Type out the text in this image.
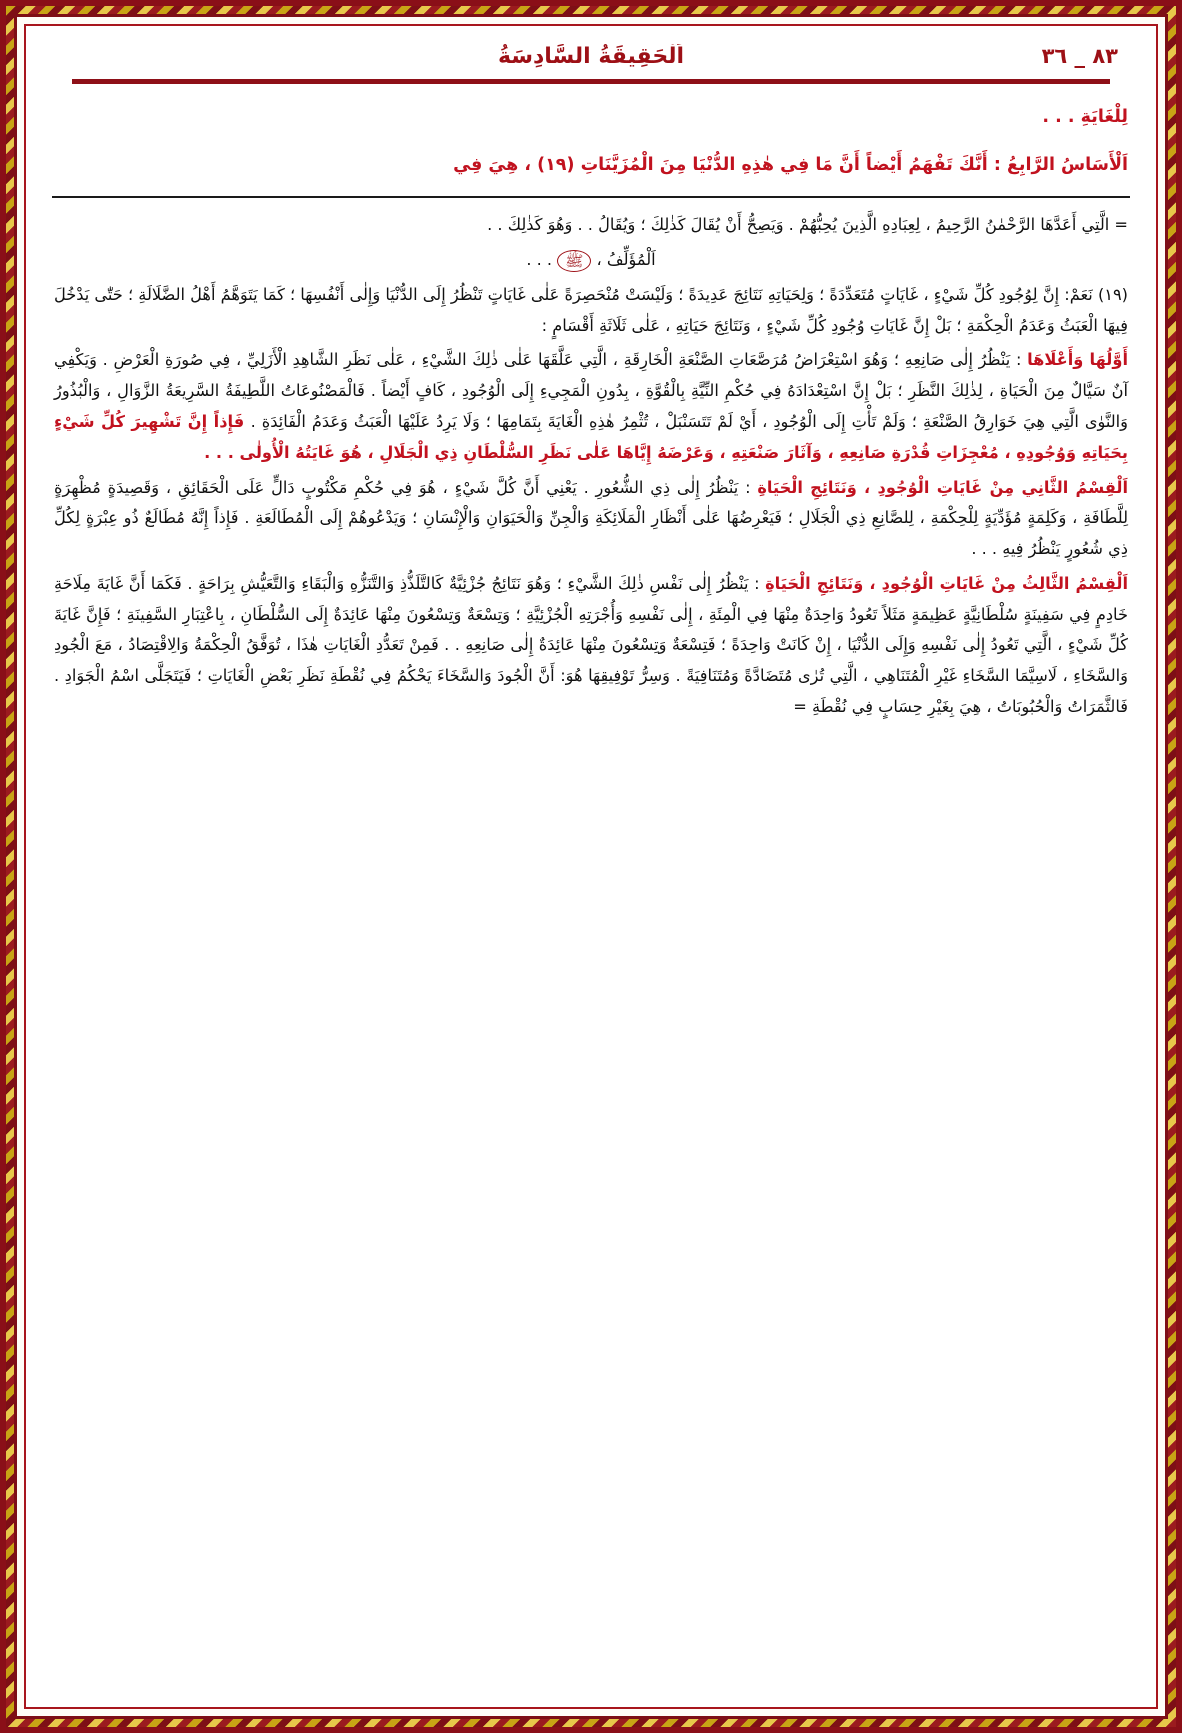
٨٣ _ ٣٦
اَلْحَقِيقَةُ السَّادِسَةُ

لِلْغَايَةِ . . .

اَلْأَسَاسُ الرَّابِعُ : أَنَّكَ تَفْهَمُ أَيْضاً أَنَّ مَا فِي هٰذِهِ الدُّنْيَا مِنَ الْمُزَيَّنَاتِ (١٩) ، هِيَ فِي

= الَّتِي أَعَدَّهَا الرَّحْمٰنُ الرَّحِيمُ ، لِعِبَادِهِ الَّذِينَ يُحِبُّهُمْ . وَيَصِحُّ أَنْ يُقَالَ كَذٰلِكَ ؛ وَيُقَالُ . . وَهُوَ كَذٰلِكَ . .

اَلْمُؤَلِّفُ ، ﷺ . . .

(١٩) نَعَمْ: إِنَّ لِوُجُودِ كُلِّ شَيْءٍ ، غَايَاتٍ مُتَعَدِّدَةً ؛ وَلِحَيَاتِهِ نَتَائِجَ عَدِيدَةً ؛ وَلَيْسَتْ مُنْحَصِرَةً عَلٰى غَايَاتٍ تَنْظُرُ إِلَى الدُّنْيَا وَإِلٰى أَنْفُسِهَا ؛ كَمَا يَتَوَهَّمُ أَهْلُ الضَّلَالَةِ ؛ حَتّٰى يَدْخُلَ فِيهَا الْعَبَثُ وَعَدَمُ الْحِكْمَةِ ؛ بَلْ إِنَّ غَايَاتِ وُجُودِ كُلِّ شَيْءٍ ، وَنَتَائِجَ حَيَاتِهِ ، عَلٰى ثَلَاثَةِ أَقْسَامٍ :

أَوَّلُهَا وَأَعْلَاهَا : يَنْظُرُ إِلٰى صَانِعِهِ ؛ وَهُوَ اسْتِعْرَاضُ مُرَصَّعَاتِ الصَّنْعَةِ الْخَارِقَةِ ، الَّتِي عَلَّقَهَا عَلٰى ذٰلِكَ الشَّيْءِ ، عَلٰى نَظَرِ الشَّاهِدِ الْأَزَلِيِّ ، فِي صُورَةِ الْعَرْضِ . وَيَكْفِي آنٌ سَيَّالٌ مِنَ الْحَيَاةِ ، لِذٰلِكَ النَّظَرِ ؛ بَلْ إِنَّ اسْتِعْدَادَهُ فِي حُكْمِ النِّيَّةِ بِالْقُوَّةِ ، بِدُونِ الْمَجِيءِ إِلَى الْوُجُودِ ، كَافٍ أَيْضاً . فَالْمَصْنُوعَاتُ اللَّطِيفَةُ السَّرِيعَةُ الزَّوَالِ ، وَالْبُذُورُ وَالنَّوٰى الَّتِي هِيَ خَوَارِقُ الصَّنْعَةِ ؛ وَلَمْ تَأْتِ إِلَى الْوُجُودِ ، أَيْ لَمْ تَتَسَنْبَلْ ، تُثْمِرُ هٰذِهِ الْغَايَةَ بِتَمَامِهَا ؛ وَلَا يَرِدُ عَلَيْهَا الْعَبَثُ وَعَدَمُ الْفَائِدَةِ . فَإِذاً إِنَّ تَشْهِيرَ كُلِّ شَيْءٍ بِحَيَاتِهِ وَوُجُودِهِ ، مُعْجِزَاتِ قُدْرَةِ صَانِعِهِ ، وَآثَارَ صَنْعَتِهِ ، وَعَرْضَهُ إِيَّاهَا عَلٰى نَظَرِ السُّلْطَانِ ذِي الْجَلَالِ ، هُوَ غَايَتُهُ الْأُولٰى . . .

اَلْقِسْمُ الثَّانِي مِنْ غَايَاتِ الْوُجُودِ ، وَنَتَائِجِ الْحَيَاةِ : يَنْظُرُ إِلٰى ذِي الشُّعُورِ . يَعْنِي أَنَّ كُلَّ شَيْءٍ ، هُوَ فِي حُكْمِ مَكْتُوبٍ دَالٍّ عَلَى الْحَقَائِقِ ، وَقَصِيدَةٍ مُظْهِرَةٍ لِلَّطَافَةِ ، وَكَلِمَةٍ مُؤَدِّيَةٍ لِلْحِكْمَةِ ، لِلصَّانِعِ ذِي الْجَلَالِ ؛ فَيَعْرِضُهَا عَلٰى أَنْظَارِ الْمَلَائِكَةِ وَالْجِنِّ وَالْحَيَوَانِ وَالْإِنْسَانِ ؛ وَيَدْعُوهُمْ إِلَى الْمُطَالَعَةِ . فَإِذاً إِنَّهُ مُطَالَعٌ ذُو عِبْرَةٍ لِكُلِّ ذِي شُعُورٍ يَنْظُرُ فِيهِ . . .

اَلْقِسْمُ الثَّالِثُ مِنْ غَايَاتِ الْوُجُودِ ، وَنَتَائِجِ الْحَيَاةِ : يَنْظُرُ إِلٰى نَفْسِ ذٰلِكَ الشَّيْءِ ؛ وَهُوَ نَتَائِجُ جُزْئِيَّةٌ كَالتَّلَذُّذِ وَالتَّنَزُّهِ وَالْبَقَاءِ وَالتَّعَيُّشِ بِرَاحَةٍ . فَكَمَا أَنَّ غَايَةَ مِلَاحَةِ خَادِمٍ فِي سَفِينَةٍ سُلْطَانِيَّةٍ عَظِيمَةٍ مَثَلاً تَعُودُ وَاحِدَةٌ مِنْهَا فِي الْمِئَةِ ، إِلٰى نَفْسِهِ وَأُجْرَتِهِ الْجُزْئِيَّةِ ؛ وَتِسْعَةٌ وَتِسْعُونَ مِنْهَا عَائِدَةٌ إِلَى السُّلْطَانِ ، بِاعْتِبَارِ السَّفِينَةِ ؛ فَإِنَّ غَايَةَ كُلِّ شَيْءٍ ، الَّتِي تَعُودُ إِلٰى نَفْسِهِ وَإِلَى الدُّنْيَا ، إِنْ كَانَتْ وَاحِدَةً ؛ فَتِسْعَةٌ وَتِسْعُونَ مِنْهَا عَائِدَةٌ إِلٰى صَانِعِهِ . . فَمِنْ تَعَدُّدِ الْغَايَاتِ هٰذَا ، تُوَفَّقُ الْحِكْمَةُ وَالِاقْتِصَادُ ، مَعَ الْجُودِ وَالسَّخَاءِ ، لَاسِيَّمَا السَّخَاءِ غَيْرِ الْمُتَنَاهِي ، الَّتِي تُرٰى مُتَضَادَّةً وَمُتَنَافِيَةً . وَسِرُّ تَوْفِيقِهَا هُوَ: أَنَّ الْجُودَ وَالسَّخَاءَ يَحْكُمُ فِي نُقْطَةِ نَظَرِ بَعْضِ الْغَايَاتِ ؛ فَيَتَجَلَّى اسْمُ الْجَوَادِ . فَالثَّمَرَاتُ وَالْحُبُوبَاتُ ، هِيَ بِغَيْرِ حِسَابٍ فِي نُقْطَةِ =
